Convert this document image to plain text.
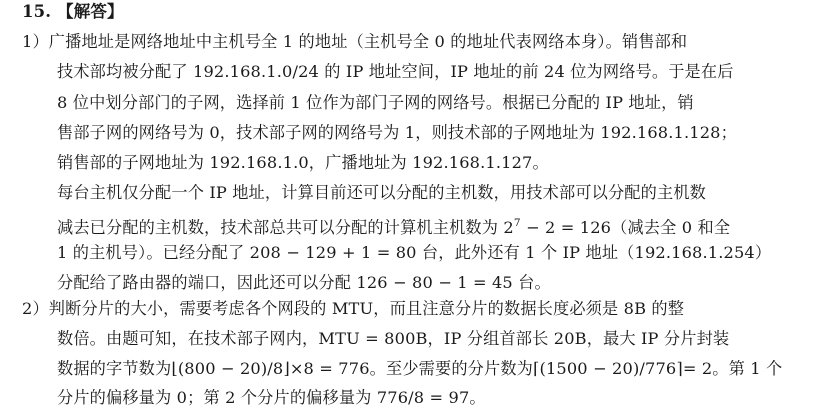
15. 【解答】
1）广播地址是网络地址中主机号全 1 的地址（主机号全 0 的地址代表网络本身）。销售部和
技术部均被分配了 192.168.1.0/24 的 IP 地址空间，IP 地址的前 24 位为网络号。于是在后
8 位中划分部门的子网，选择前 1 位作为部门子网的网络号。根据已分配的 IP 地址，销
售部子网的网络号为 0，技术部子网的网络号为 1，则技术部的子网地址为 192.168.1.128；
销售部的子网地址为 192.168.1.0，广播地址为 192.168.1.127。
每台主机仅分配一个 IP 地址，计算目前还可以分配的主机数，用技术部可以分配的主机数
减去已分配的主机数，技术部总共可以分配的计算机主机数为 $2^7 - 2 = 126$（减去全 0 和全
1 的主机号）。已经分配了 208 − 129 + 1 = 80 台，此外还有 1 个 IP 地址（192.168.1.254）
分配给了路由器的端口，因此还可以分配 126 − 80 − 1 = 45 台。
2）判断分片的大小，需要考虑各个网段的 MTU，而且注意分片的数据长度必须是 8B 的整
数倍。由题可知，在技术部子网内，MTU = 800B，IP 分组首部长 20B，最大 IP 分片封装
数据的字节数为⌊(800 − 20)/8⌋×8 = 776。至少需要的分片数为⌈(1500 − 20)/776⌉= 2。第 1 个
分片的偏移量为 0；第 2 个分片的偏移量为 776/8 = 97。
